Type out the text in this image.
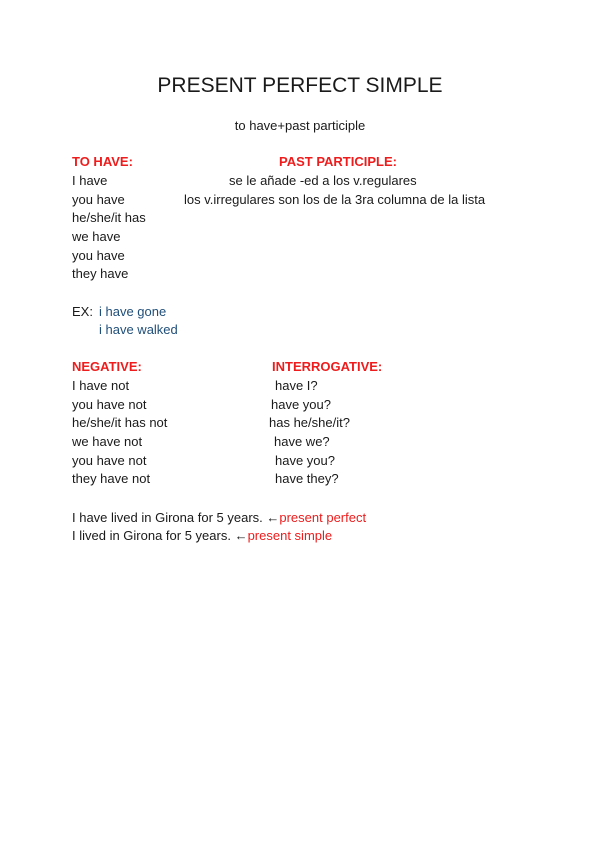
PRESENT PERFECT SIMPLE
to have+past participle
TO HAVE:	PAST PARTICIPLE:
I have
you have
he/she/it has
we have
you have
they have
se le añade -ed a los v.regulares
los v.irregulares son los de la 3ra columna de la lista
EX: i have gone
i have walked
NEGATIVE:	INTERROGATIVE:
I have not
you have not
he/she/it has not
we have not
you have not
they have not
have I?
have you?
has he/she/it?
have we?
have you?
have they?
I have lived in Girona for 5 years. ←present perfect
I lived in Girona for 5 years. ←present simple
